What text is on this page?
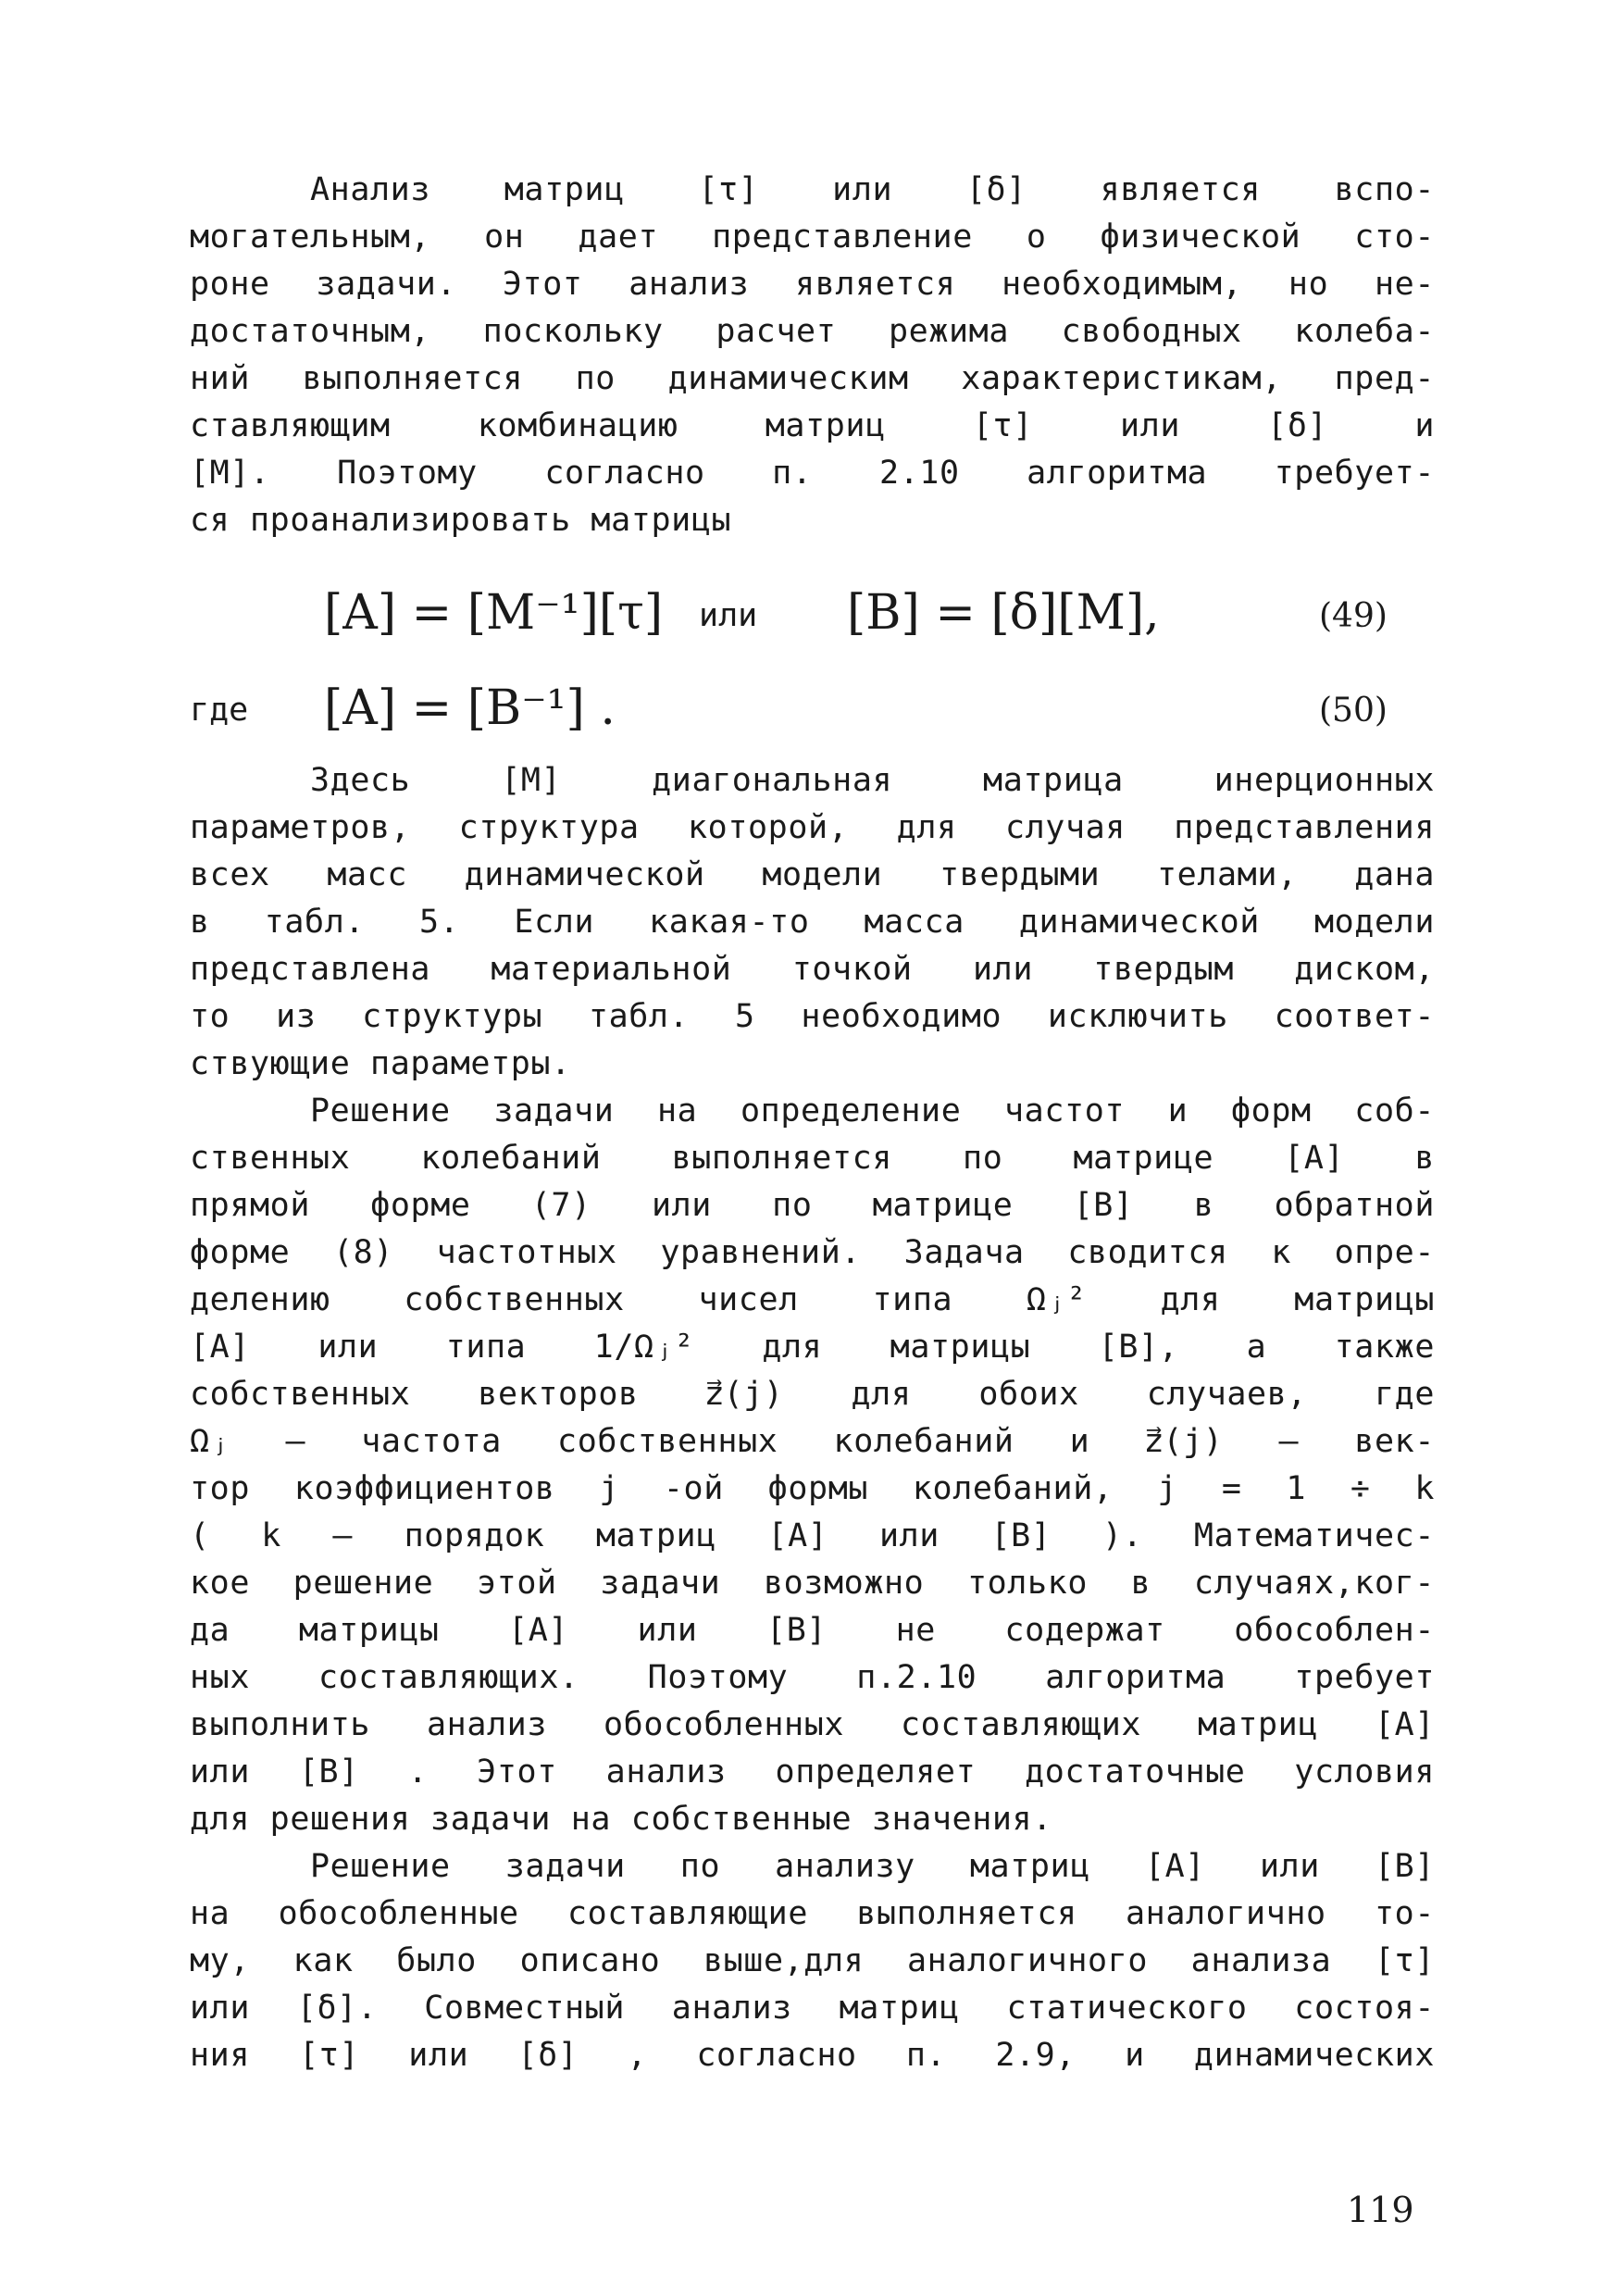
Анализ матриц [τ] или [δ] является вспо-
могательным, он дает представление о физической сто-
роне задачи. Этот анализ является необходимым, но не-
достаточным, поскольку расчет режима свободных колеба-
ний выполняется по динамическим характеристикам, пред-
ставляющим комбинацию матриц [τ] или [δ] и
[M]. Поэтому согласно п. 2.10 алгоритма требует-
ся проанализировать матрицы
[A] = [M⁻¹][τ] или [B] = [δ][M],	(49)
где [A] = [B⁻¹] .	(50)
Здесь [M] диагональная матрица инерционных
параметров, структура которой, для случая представления
всех масс динамической модели твердыми телами, дана
в табл. 5. Если какая-то масса динамической модели
представлена материальной точкой или твердым диском,
то из структуры табл. 5 необходимо исключить соответ-
ствующие параметры.
Решение задачи на определение частот и форм соб-
ственных колебаний выполняется по матрице [A] в
прямой форме (7) или по матрице [B] в обратной
форме (8) частотных уравнений. Задача сводится к опре-
делению собственных чисел типа Ωⱼ² для матрицы
[A] или типа 1/Ωⱼ² для матрицы [B], а также
собственных векторов z⃗(j) для обоих случаев, где
Ωⱼ – частота собственных колебаний и z⃗(j) – век-
тор коэффициентов j -ой формы колебаний, j = 1 ÷ k
( k – порядок матриц [A] или [B] ). Математичес-
кое решение этой задачи возможно только в случаях,ког-
да матрицы [A] или [B] не содержат обособлен-
ных составляющих. Поэтому п.2.10 алгоритма требует
выполнить анализ обособленных составляющих матриц [A]
или [B] . Этот анализ определяет достаточные условия
для решения задачи на собственные значения.
Решение задачи по анализу матриц [A] или [B]
на обособленные составляющие выполняется аналогично то-
му, как было описано выше,для аналогичного анализа [τ]
или [δ]. Совместный анализ матриц статического состоя-
ния [τ] или [δ] , согласно п. 2.9, и динамических
119
